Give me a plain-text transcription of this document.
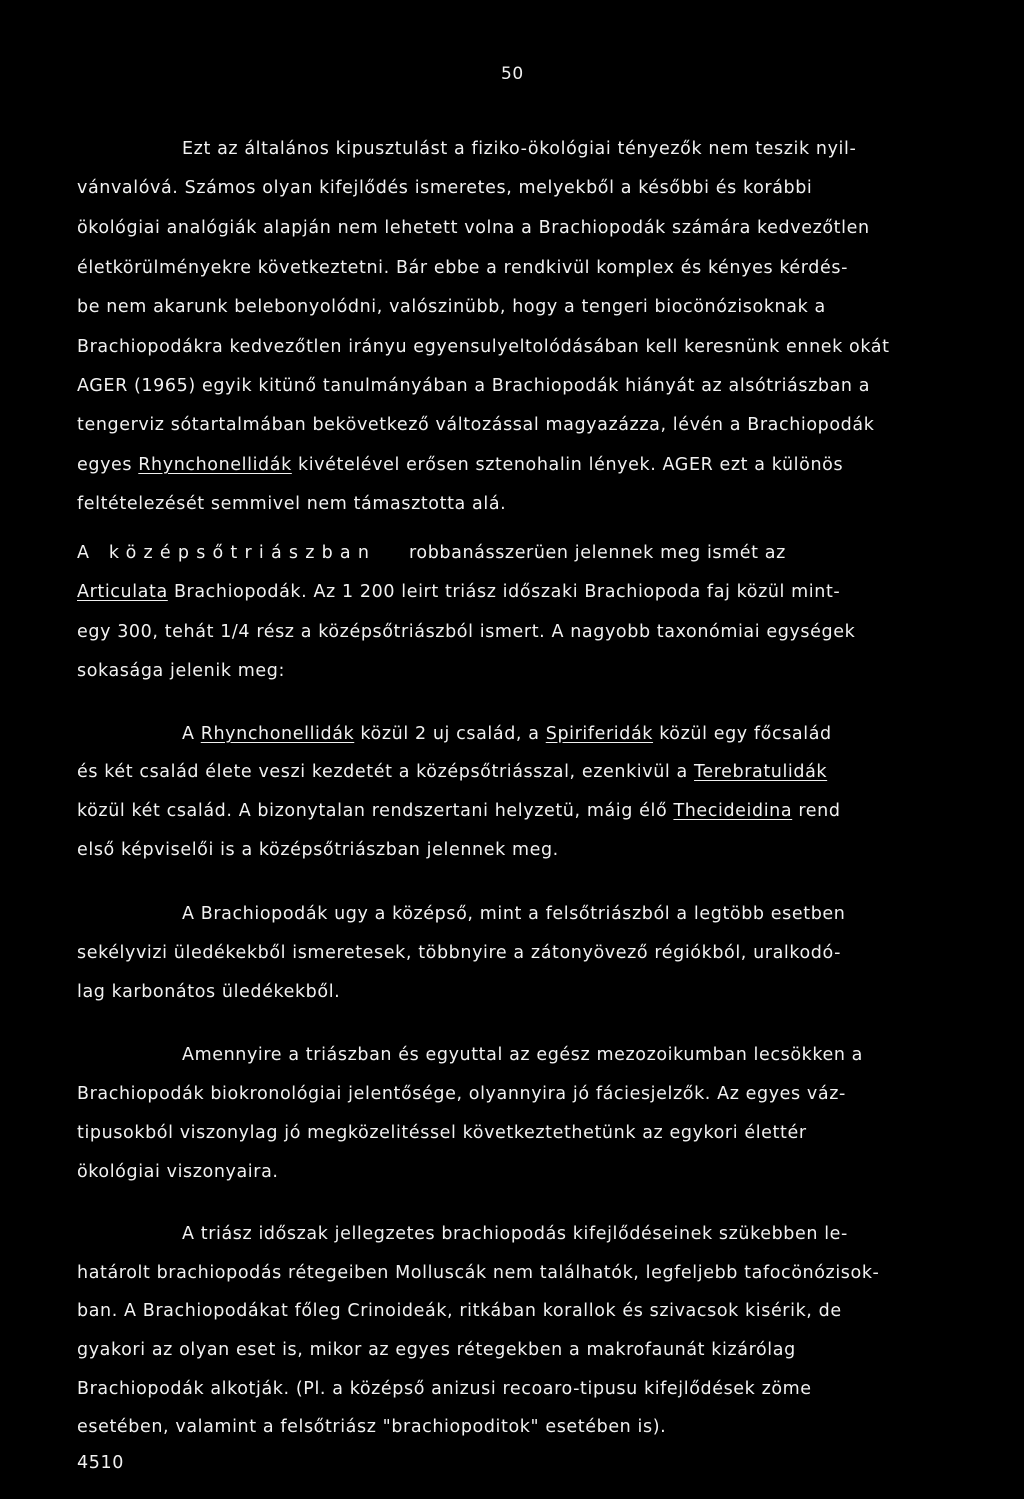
50
Ezt az általános kipusztulást a fiziko-ökológiai tényezők nem teszik nyil-
vánvalóvá. Számos olyan kifejlődés ismeretes, melyekből a későbbi és korábbi
ökológiai analógiák alapján nem lehetett volna a Brachiopodák számára kedvezőtlen
életkörülményekre következtetni. Bár ebbe a rendkivül komplex és kényes kérdés-
be nem akarunk belebonyolódni, valószinübb, hogy a tengeri biocönózisoknak a
Brachiopodákra kedvezőtlen irányu egyensulyeltolódásában kell keresnünk ennek okát
AGER (1965) egyik kitünő tanulmányában a Brachiopodák hiányát az alsótriászban a
tengerviz sótartalmában bekövetkező változással magyazázza, lévén a Brachiopodák
egyes Rhynchonellidák kivételével erősen sztenohalin lények. AGER ezt a különös
feltételezését semmivel nem támasztotta alá.
A középsőtriászban robbanásszerüen jelennek meg ismét az
Articulata Brachiopodák. Az 1 200 leirt triász időszaki Brachiopoda faj közül mint-
egy 300, tehát 1/4 rész a középsőtriászból ismert. A nagyobb taxonómiai egységek
sokasága jelenik meg:
A Rhynchonellidák közül 2 uj család, a Spiriferidák közül egy főcsalád
és két család élete veszi kezdetét a középsőtriásszal, ezenkivül a Terebratulidák
közül két család. A bizonytalan rendszertani helyzetü, máig élő Thecideidina rend
első képviselői is a középsőtriászban jelennek meg.
A Brachiopodák ugy a középső, mint a felsőtriászból a legtöbb esetben
sekélyvizi üledékekből ismeretesek, többnyire a zátonyövező régiókból, uralkodó-
lag karbonátos üledékekből.
Amennyire a triászban és egyuttal az egész mezozoikumban lecsökken a
Brachiopodák biokronológiai jelentősége, olyannyira jó fáciesjelzők. Az egyes váz-
tipusokból viszonylag jó megközelitéssel következtethetünk az egykori élettér
ökológiai viszonyaira.
A triász időszak jellegzetes brachiopodás kifejlődéseinek szükebben le-
határolt brachiopodás rétegeiben Molluscák nem találhatók, legfeljebb tafocönózisok-
ban. A Brachiopodákat főleg Crinoideák, ritkában korallok és szivacsok kisérik, de
gyakori az olyan eset is, mikor az egyes rétegekben a makrofaunát kizárólag
Brachiopodák alkotják. (Pl. a középső anizusi recoaro-tipusu kifejlődések zöme
esetében, valamint a felsőtriász "brachiopoditok" esetében is).
4510
